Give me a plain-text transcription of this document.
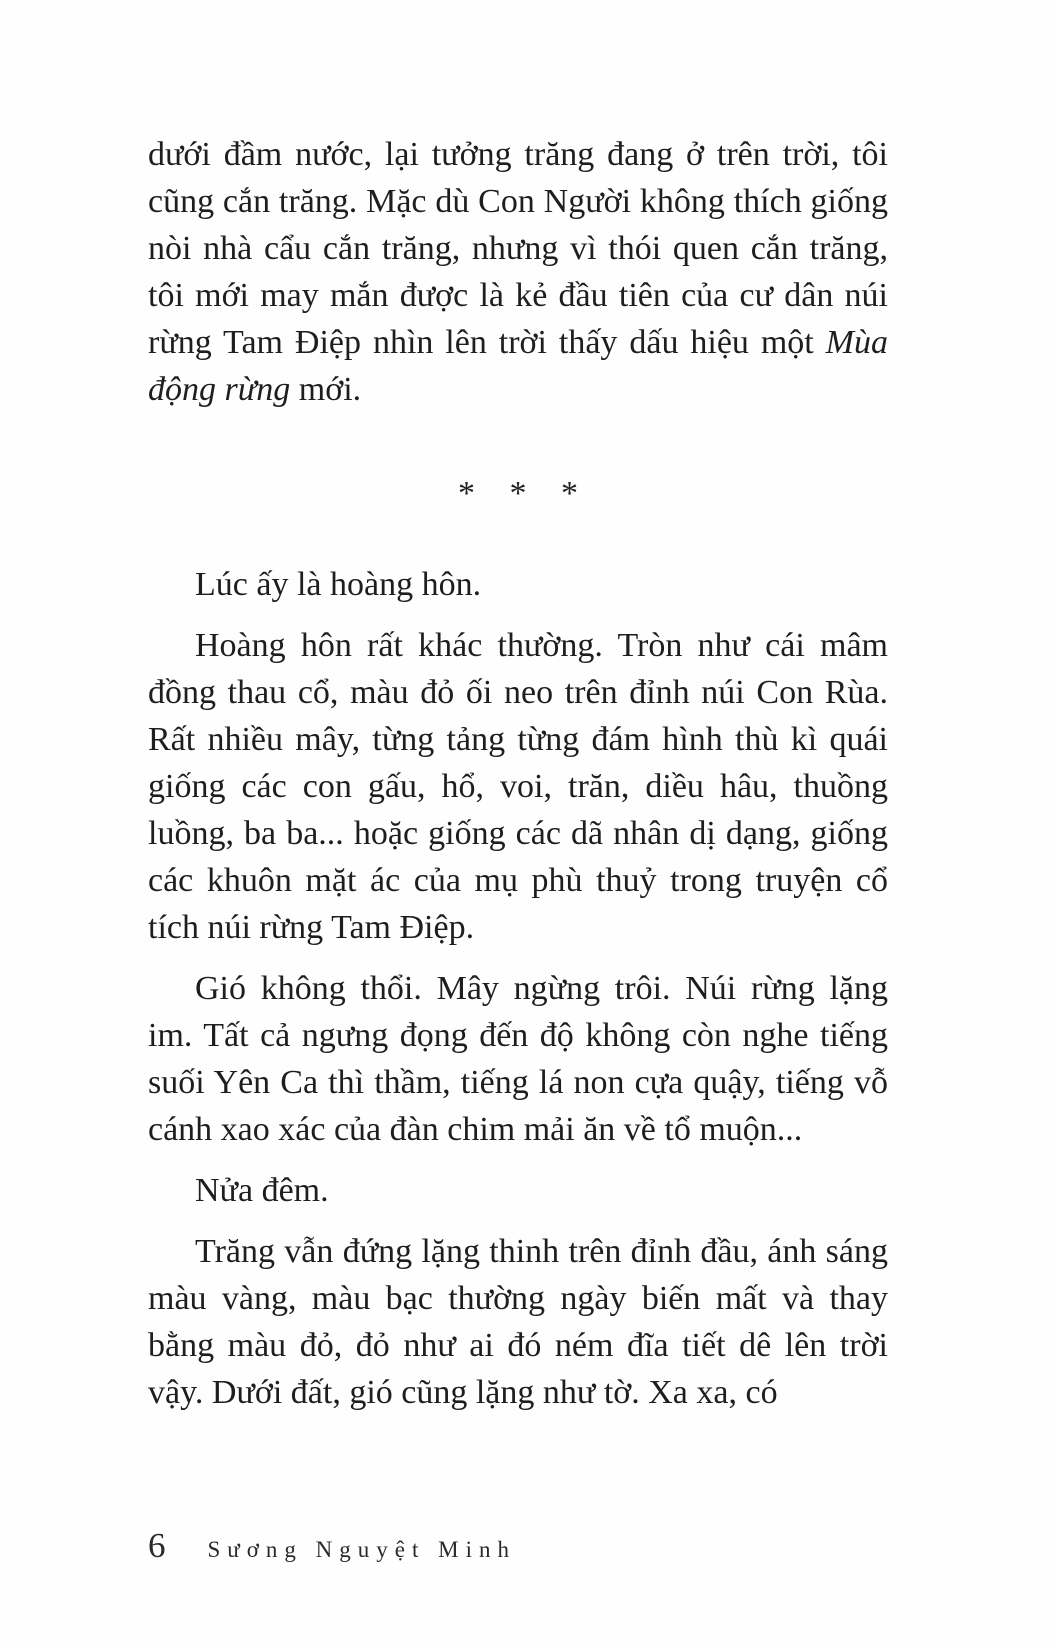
dưới đầm nước, lại tưởng trăng đang ở trên trời, tôi cũng cắn trăng. Mặc dù Con Người không thích giống nòi nhà cẩu cắn trăng, nhưng vì thói quen cắn trăng, tôi mới may mắn được là kẻ đầu tiên của cư dân núi rừng Tam Điệp nhìn lên trời thấy dấu hiệu một Mùa động rừng mới.

* * *

Lúc ấy là hoàng hôn.

Hoàng hôn rất khác thường. Tròn như cái mâm đồng thau cổ, màu đỏ ối neo trên đỉnh núi Con Rùa. Rất nhiều mây, từng tảng từng đám hình thù kì quái giống các con gấu, hổ, voi, trăn, diều hâu, thuồng luồng, ba ba... hoặc giống các dã nhân dị dạng, giống các khuôn mặt ác của mụ phù thuỷ trong truyện cổ tích núi rừng Tam Điệp.

Gió không thổi. Mây ngừng trôi. Núi rừng lặng im. Tất cả ngưng đọng đến độ không còn nghe tiếng suối Yên Ca thì thầm, tiếng lá non cựa quậy, tiếng vỗ cánh xao xác của đàn chim mải ăn về tổ muộn...

Nửa đêm.

Trăng vẫn đứng lặng thinh trên đỉnh đầu, ánh sáng màu vàng, màu bạc thường ngày biến mất và thay bằng màu đỏ, đỏ như ai đó ném đĩa tiết dê lên trời vậy. Dưới đất, gió cũng lặng như tờ. Xa xa, có

6 Sương Nguyệt Minh
